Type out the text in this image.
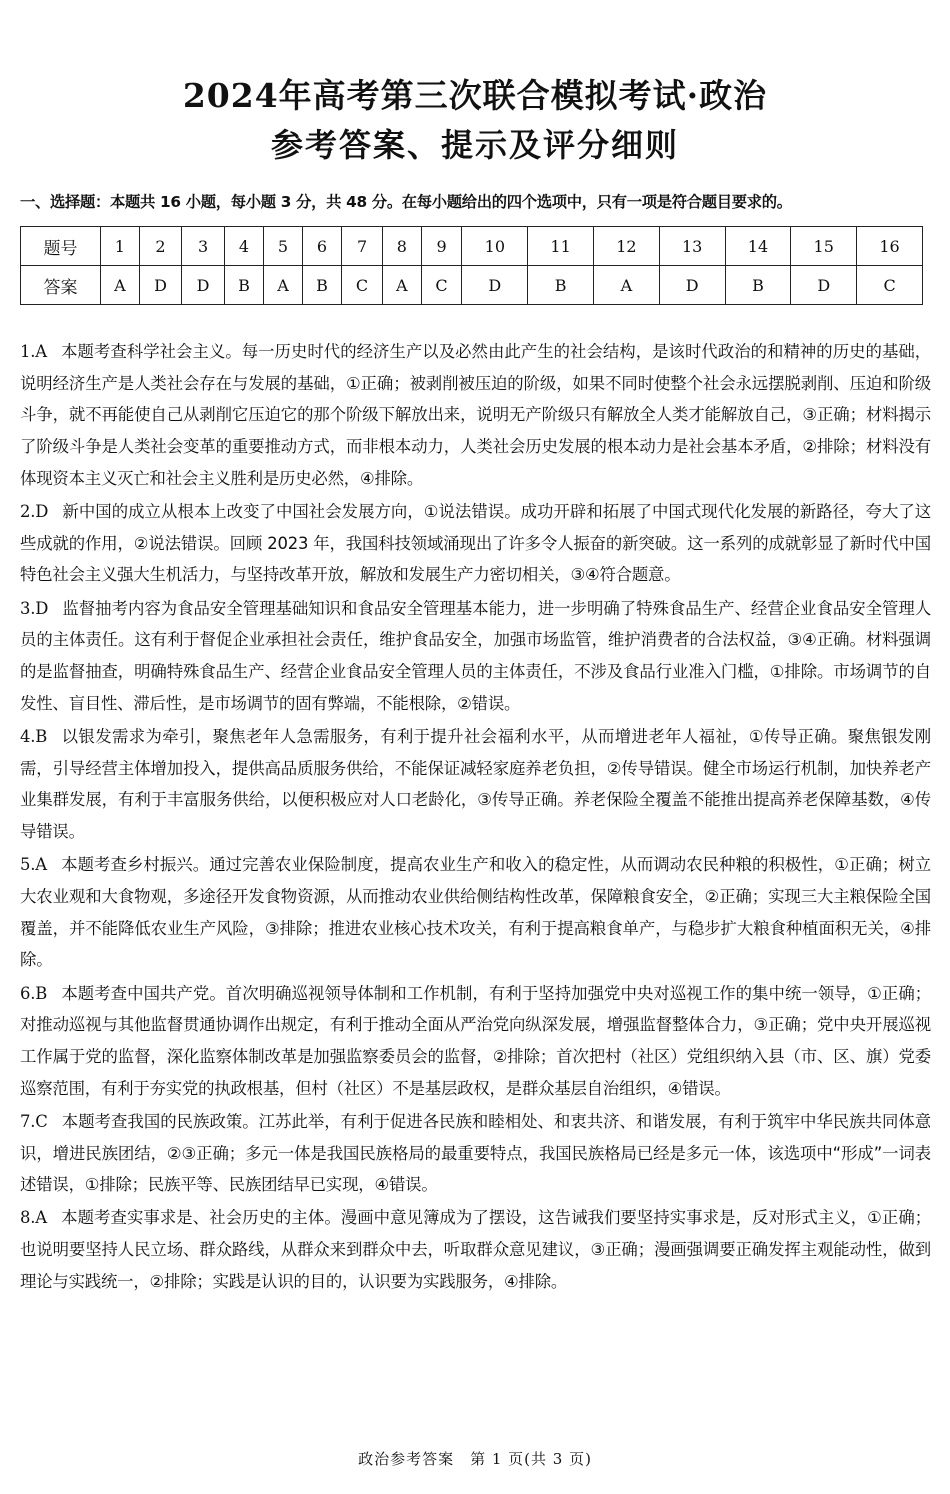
2024年高考第三次联合模拟考试·政治
参考答案、提示及评分细则
一、选择题：本题共 16 小题，每小题 3 分，共 48 分。在每小题给出的四个选项中，只有一项是符合题目要求的。
题号	1	2	3	4	5	6	7	8	9	10	11	12	13	14	15	16
答案	A	D	D	B	A	B	C	A	C	D	B	A	D	B	D	C
1.A 本题考查科学社会主义。每一历史时代的经济生产以及必然由此产生的社会结构，是该时代政治的和精神的历史的基础，说明经济生产是人类社会存在与发展的基础，①正确；被剥削被压迫的阶级，如果不同时使整个社会永远摆脱剥削、压迫和阶级斗争，就不再能使自己从剥削它压迫它的那个阶级下解放出来，说明无产阶级只有解放全人类才能解放自己，③正确；材料揭示了阶级斗争是人类社会变革的重要推动方式，而非根本动力，人类社会历史发展的根本动力是社会基本矛盾，②排除；材料没有体现资本主义灭亡和社会主义胜利是历史必然，④排除。
2.D 新中国的成立从根本上改变了中国社会发展方向，①说法错误。成功开辟和拓展了中国式现代化发展的新路径，夸大了这些成就的作用，②说法错误。回顾 2023 年，我国科技领域涌现出了许多令人振奋的新突破。这一系列的成就彰显了新时代中国特色社会主义强大生机活力，与坚持改革开放，解放和发展生产力密切相关，③④符合题意。
3.D 监督抽考内容为食品安全管理基础知识和食品安全管理基本能力，进一步明确了特殊食品生产、经营企业食品安全管理人员的主体责任。这有利于督促企业承担社会责任，维护食品安全，加强市场监管，维护消费者的合法权益，③④正确。材料强调的是监督抽查，明确特殊食品生产、经营企业食品安全管理人员的主体责任，不涉及食品行业准入门槛，①排除。市场调节的自发性、盲目性、滞后性，是市场调节的固有弊端，不能根除，②错误。
4.B 以银发需求为牵引，聚焦老年人急需服务，有利于提升社会福利水平，从而增进老年人福祉，①传导正确。聚焦银发刚需，引导经营主体增加投入，提供高品质服务供给，不能保证减轻家庭养老负担，②传导错误。健全市场运行机制，加快养老产业集群发展，有利于丰富服务供给，以便积极应对人口老龄化，③传导正确。养老保险全覆盖不能推出提高养老保障基数，④传导错误。
5.A 本题考查乡村振兴。通过完善农业保险制度，提高农业生产和收入的稳定性，从而调动农民种粮的积极性，①正确；树立大农业观和大食物观，多途径开发食物资源，从而推动农业供给侧结构性改革，保障粮食安全，②正确；实现三大主粮保险全国覆盖，并不能降低农业生产风险，③排除；推进农业核心技术攻关，有利于提高粮食单产，与稳步扩大粮食种植面积无关，④排除。
6.B 本题考查中国共产党。首次明确巡视领导体制和工作机制，有利于坚持加强党中央对巡视工作的集中统一领导，①正确；对推动巡视与其他监督贯通协调作出规定，有利于推动全面从严治党向纵深发展，增强监督整体合力，③正确；党中央开展巡视工作属于党的监督，深化监察体制改革是加强监察委员会的监督，②排除；首次把村（社区）党组织纳入县（市、区、旗）党委巡察范围，有利于夯实党的执政根基，但村（社区）不是基层政权，是群众基层自治组织，④错误。
7.C 本题考查我国的民族政策。江苏此举，有利于促进各民族和睦相处、和衷共济、和谐发展，有利于筑牢中华民族共同体意识，增进民族团结，②③正确；多元一体是我国民族格局的最重要特点，我国民族格局已经是多元一体，该选项中“形成”一词表述错误，①排除；民族平等、民族团结早已实现，④错误。
8.A 本题考查实事求是、社会历史的主体。漫画中意见簿成为了摆设，这告诫我们要坚持实事求是，反对形式主义，①正确；也说明要坚持人民立场、群众路线，从群众来到群众中去，听取群众意见建议，③正确；漫画强调要正确发挥主观能动性，做到理论与实践统一，②排除；实践是认识的目的，认识要为实践服务，④排除。
政治参考答案　第 1 页(共 3 页)
